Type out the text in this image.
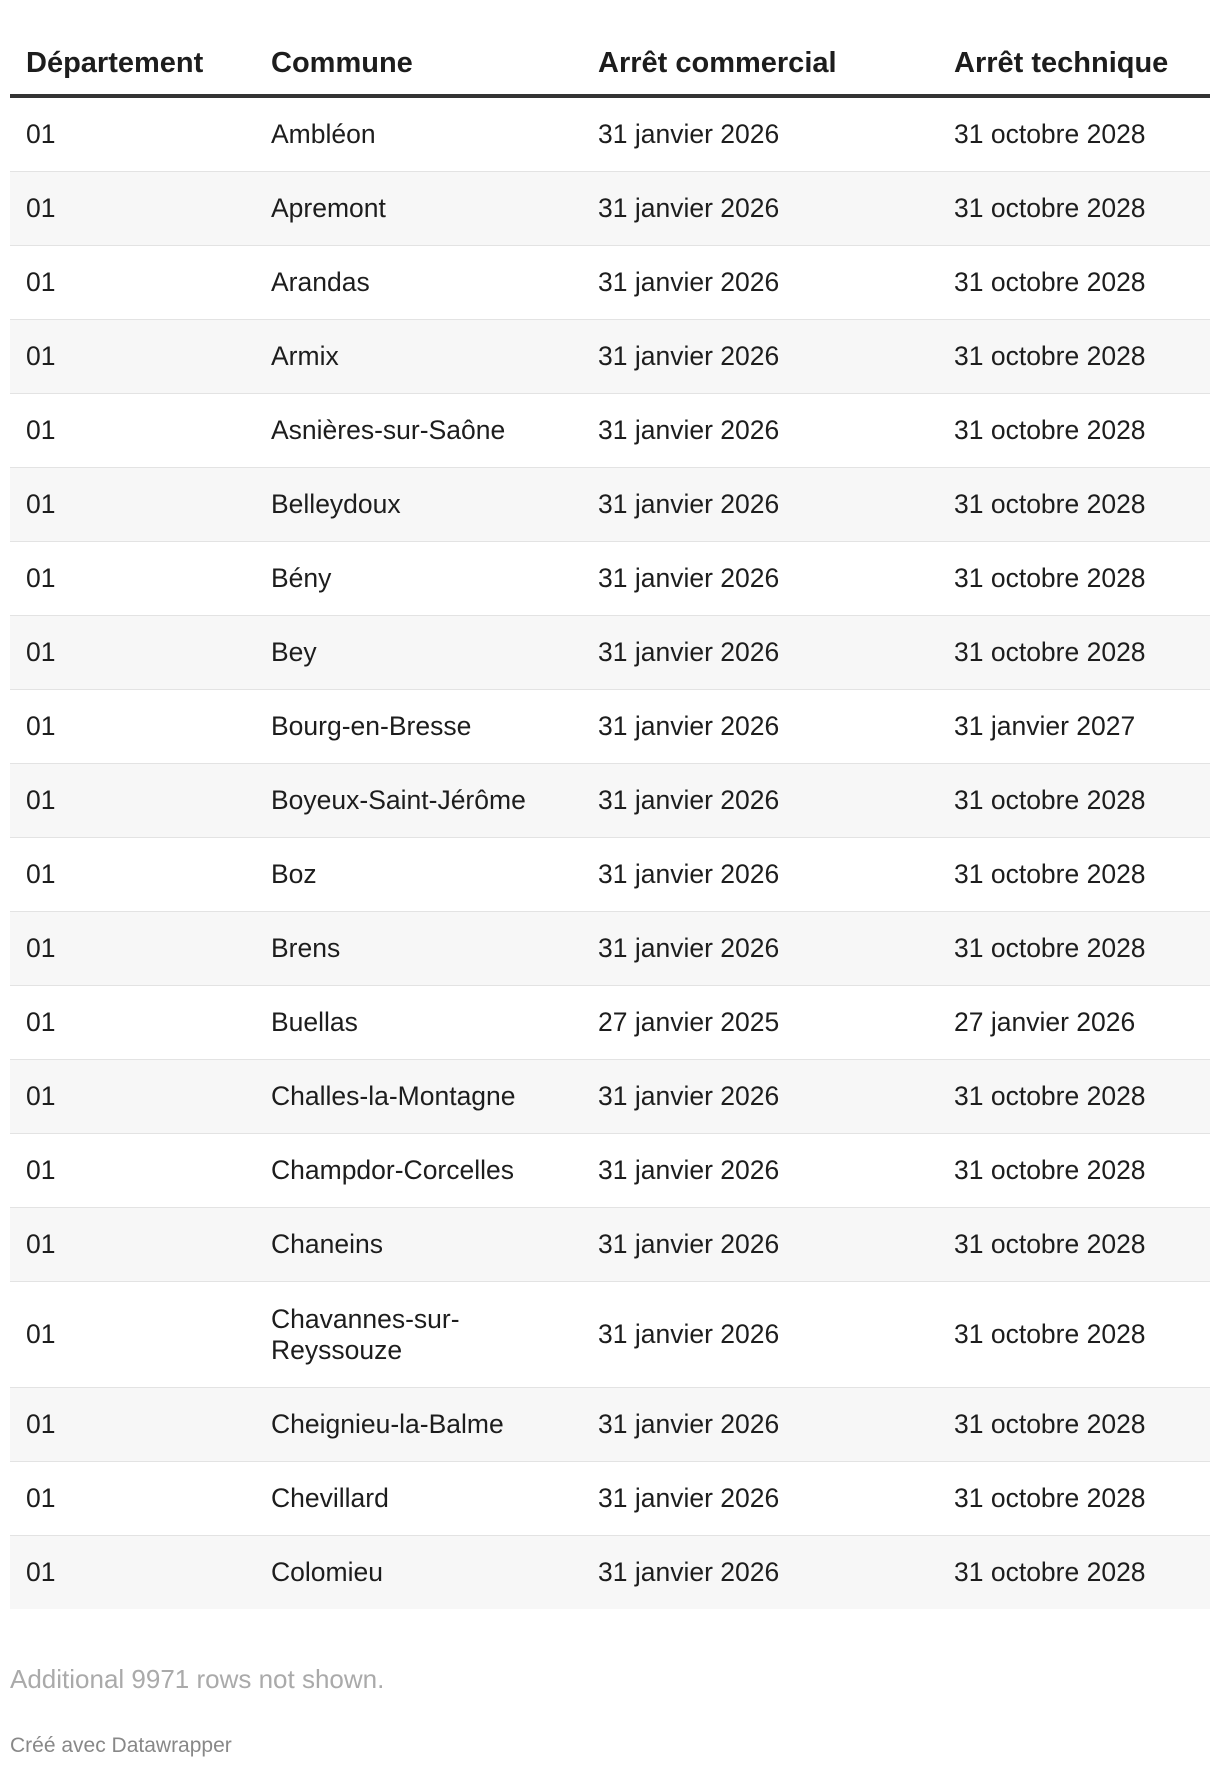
Département	Commune	Arrêt commercial	Arrêt technique
01	Ambléon	31 janvier 2026	31 octobre 2028
01	Apremont	31 janvier 2026	31 octobre 2028
01	Arandas	31 janvier 2026	31 octobre 2028
01	Armix	31 janvier 2026	31 octobre 2028
01	Asnières-sur-Saône	31 janvier 2026	31 octobre 2028
01	Belleydoux	31 janvier 2026	31 octobre 2028
01	Bény	31 janvier 2026	31 octobre 2028
01	Bey	31 janvier 2026	31 octobre 2028
01	Bourg-en-Bresse	31 janvier 2026	31 janvier 2027
01	Boyeux-Saint-Jérôme	31 janvier 2026	31 octobre 2028
01	Boz	31 janvier 2026	31 octobre 2028
01	Brens	31 janvier 2026	31 octobre 2028
01	Buellas	27 janvier 2025	27 janvier 2026
01	Challes-la-Montagne	31 janvier 2026	31 octobre 2028
01	Champdor-Corcelles	31 janvier 2026	31 octobre 2028
01	Chaneins	31 janvier 2026	31 octobre 2028
01	Chavannes-sur-Reyssouze	31 janvier 2026	31 octobre 2028
01	Cheignieu-la-Balme	31 janvier 2026	31 octobre 2028
01	Chevillard	31 janvier 2026	31 octobre 2028
01	Colomieu	31 janvier 2026	31 octobre 2028
Additional 9971 rows not shown.
Créé avec Datawrapper
